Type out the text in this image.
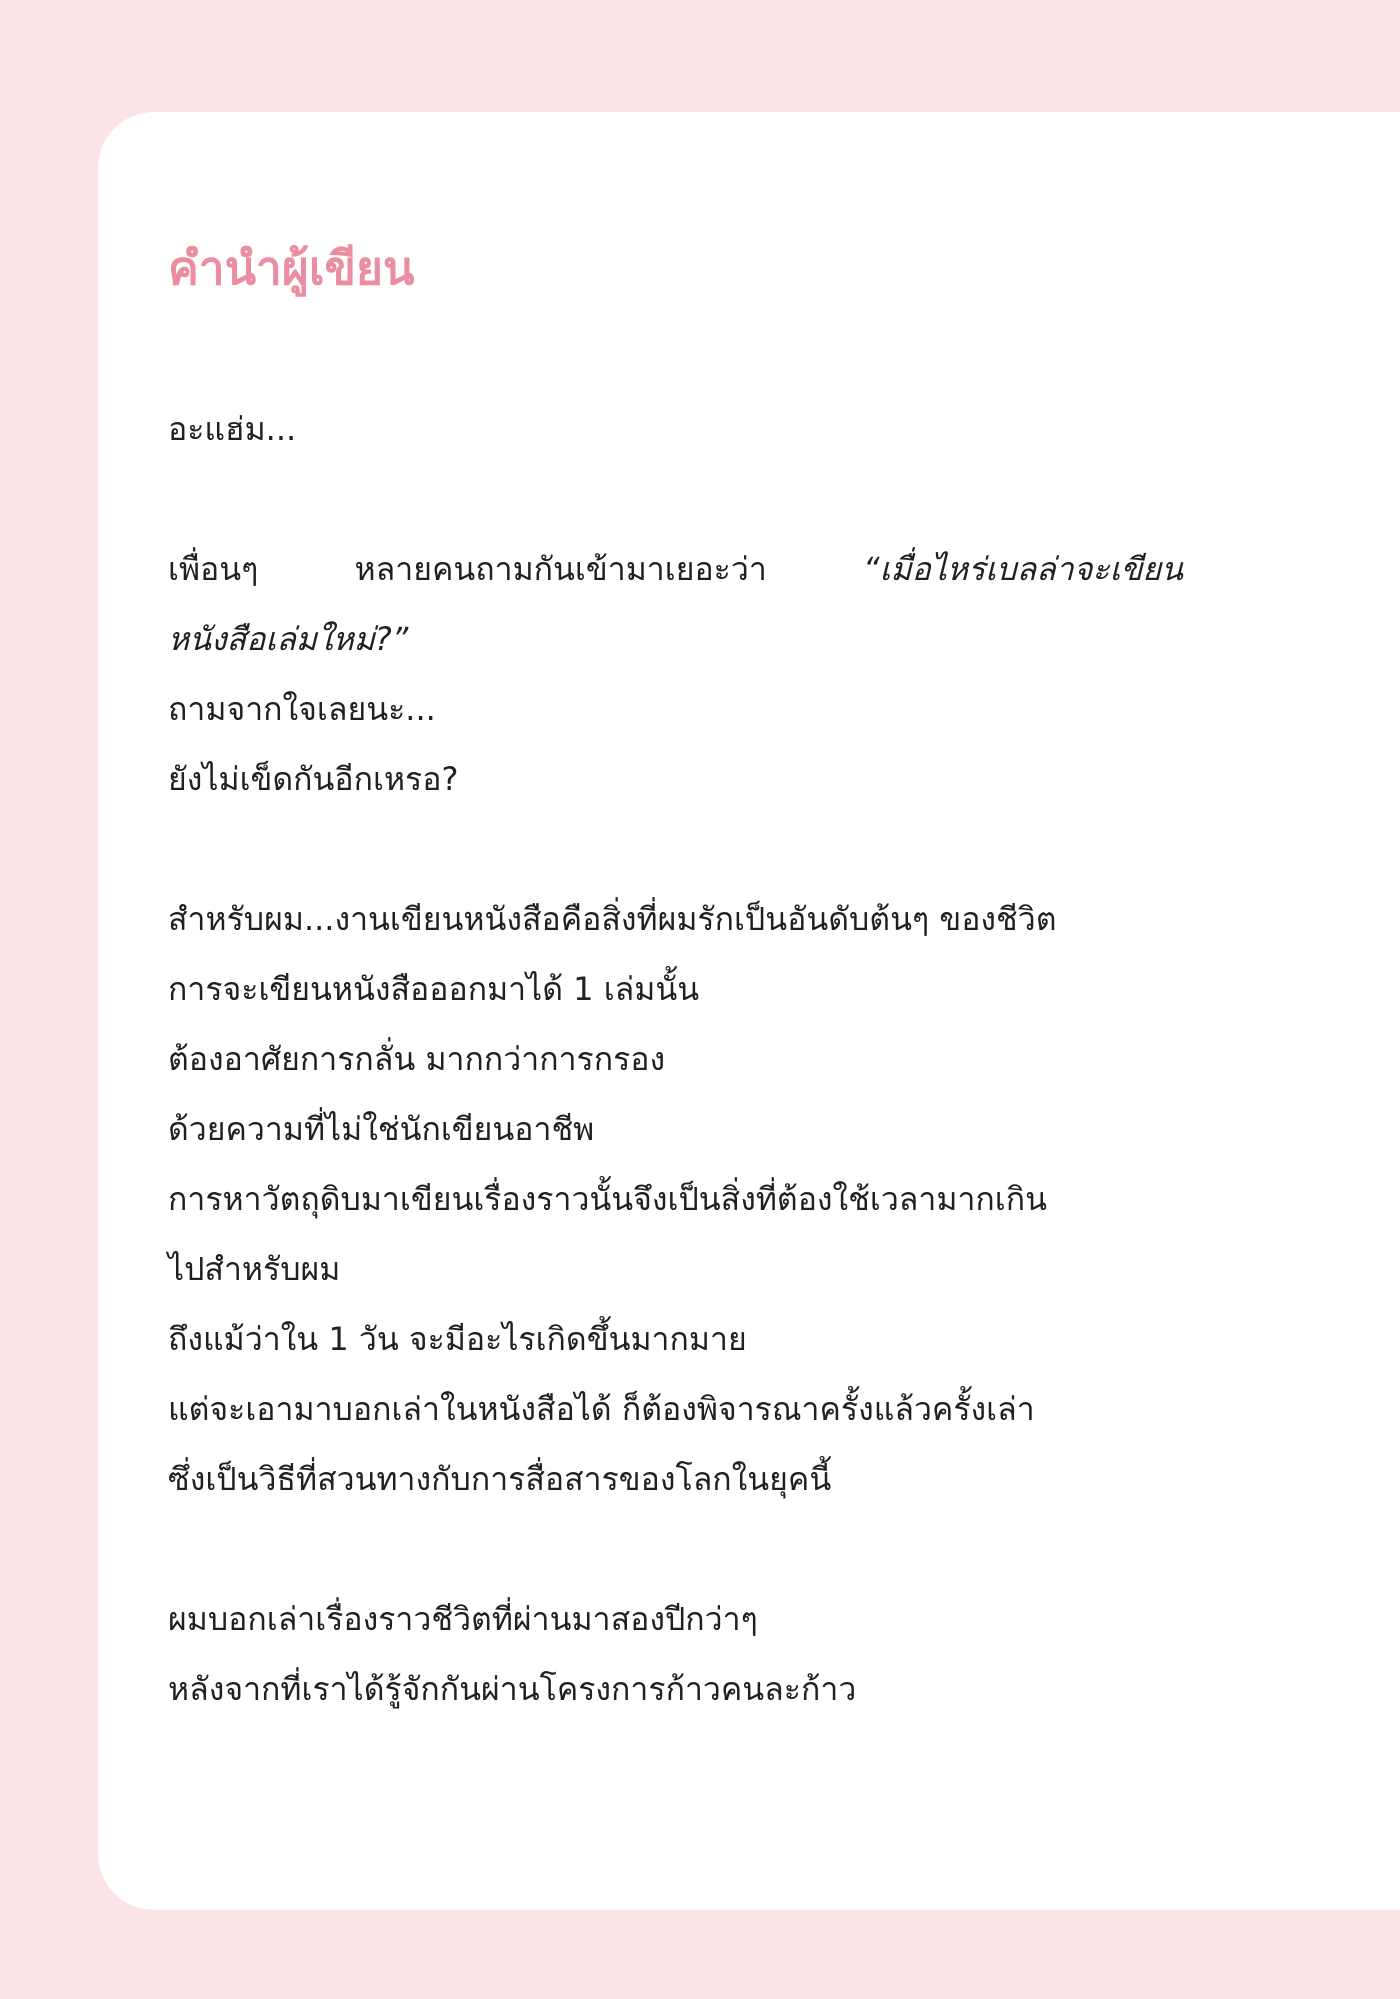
คำนำผู้เขียน
อะแฮ่ม...
เพื่อนๆ	หลายคนถามกันเข้ามาเยอะว่า	“เมื่อไหร่เบลล่าจะเขียน
หนังสือเล่มใหม่?”
ถามจากใจเลยนะ...
ยังไม่เข็ดกันอีกเหรอ?
สำหรับผม...งานเขียนหนังสือคือสิ่งที่ผมรักเป็นอันดับต้นๆ ของชีวิต
การจะเขียนหนังสือออกมาได้ 1 เล่มนั้น
ต้องอาศัยการกลั่น มากกว่าการกรอง
ด้วยความที่ไม่ใช่นักเขียนอาชีพ
การหาวัตถุดิบมาเขียนเรื่องราวนั้นจึงเป็นสิ่งที่ต้องใช้เวลามากเกิน
ไปสำหรับผม
ถึงแม้ว่าใน 1 วัน จะมีอะไรเกิดขึ้นมากมาย
แต่จะเอามาบอกเล่าในหนังสือได้ ก็ต้องพิจารณาครั้งแล้วครั้งเล่า
ซึ่งเป็นวิธีที่สวนทางกับการสื่อสารของโลกในยุคนี้
ผมบอกเล่าเรื่องราวชีวิตที่ผ่านมาสองปีกว่าๆ
หลังจากที่เราได้รู้จักกันผ่านโครงการก้าวคนละก้าว
